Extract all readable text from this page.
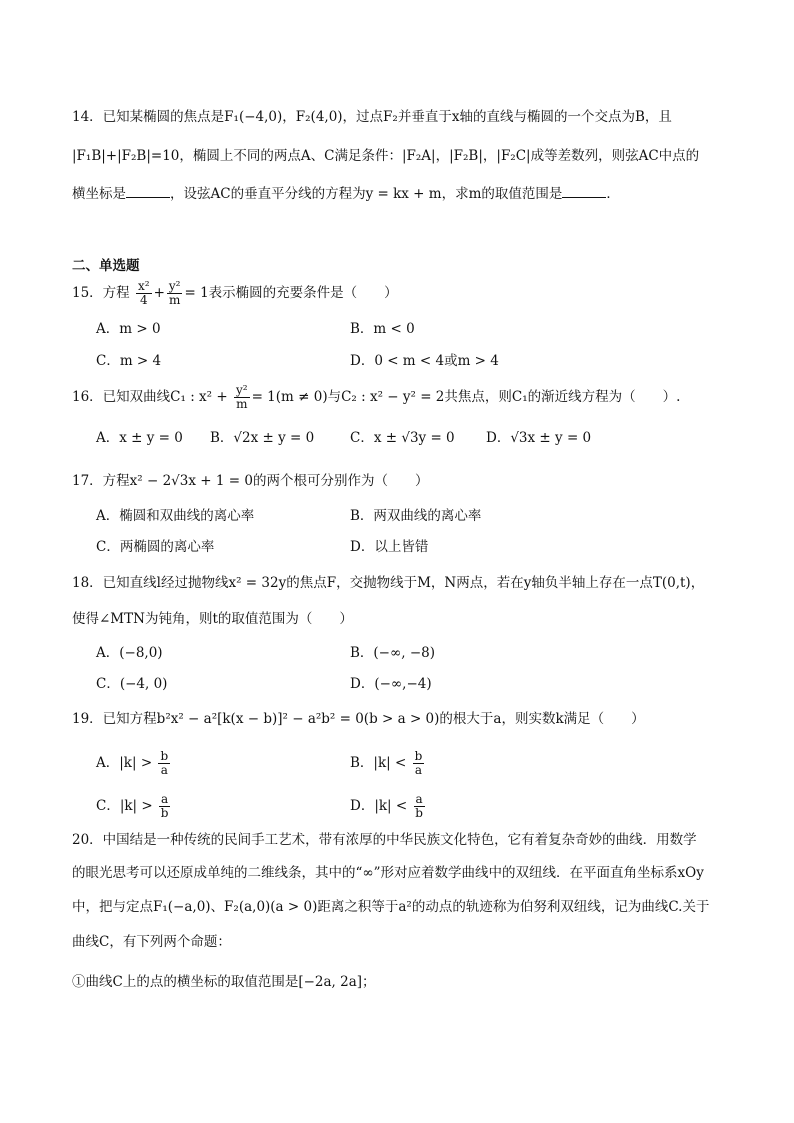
14．已知某椭圆的焦点是F₁(−4,0)，F₂(4,0)，过点F₂并垂直于x轴的直线与椭圆的一个交点为B，且
|F₁B|+|F₂B|=10，椭圆上不同的两点A、C满足条件：|F₂A|，|F₂B|，|F₂C|成等差数列，则弦AC中点的
横坐标是	，设弦AC的垂直平分线的方程为y = kx + m，求m的取值范围是	．
二、单选题
15．方程 $\frac{\text{x²}}{4} + \frac{\text{y²}}{m} = 1$表示椭圆的充要条件是（　　）
A．m > 0	B．m < 0
C．m > 4	D．0 < m < 4或m > 4
16．已知双曲线C₁ : $x^2 + \frac{\text{y²}}{m} = 1(m \ne 0)$与C₂ : x² − y² = 2共焦点，则C₁的渐近线方程为（　　）.
A．x ± y = 0 B．√2x ± y = 0	C．x ± √3y = 0 D．√3x ± y = 0
17．方程x² − 2√3x + 1 = 0的两个根可分别作为（　　）
A．椭圆和双曲线的离心率	B．两双曲线的离心率
C．两椭圆的离心率	D．以上皆错
18．已知直线l经过抛物线x² = 32y的焦点F，交抛物线于M，N两点，若在y轴负半轴上存在一点T(0,t)，
使得∠MTN为钝角，则t的取值范围为（　　）
A．(−8,0)	B．(−∞, −8)
C．(−4, 0)	D．(−∞,−4)
19．已知方程b²x² − a²[k(x − b)]² − a²b² = 0(b > a > 0)的根大于a，则实数k满足（　　）
A．$|k| > \frac{b}{a}$	B．$|k| < \frac{b}{a}$
C．$|k| > \frac{a}{b}$	D．$|k| < \frac{a}{b}$
20．中国结是一种传统的民间手工艺术，带有浓厚的中华民族文化特色，它有着复杂奇妙的曲线．用数学
的眼光思考可以还原成单纯的二维线条，其中的“∞”形对应着数学曲线中的双纽线．在平面直角坐标系xOy
中，把与定点F₁(−a,0)、F₂(a,0)(a > 0)距离之积等于a²的动点的轨迹称为伯努利双纽线，记为曲线C.关于
曲线C，有下列两个命题：
①曲线C上的点的横坐标的取值范围是[−2a, 2a]；
